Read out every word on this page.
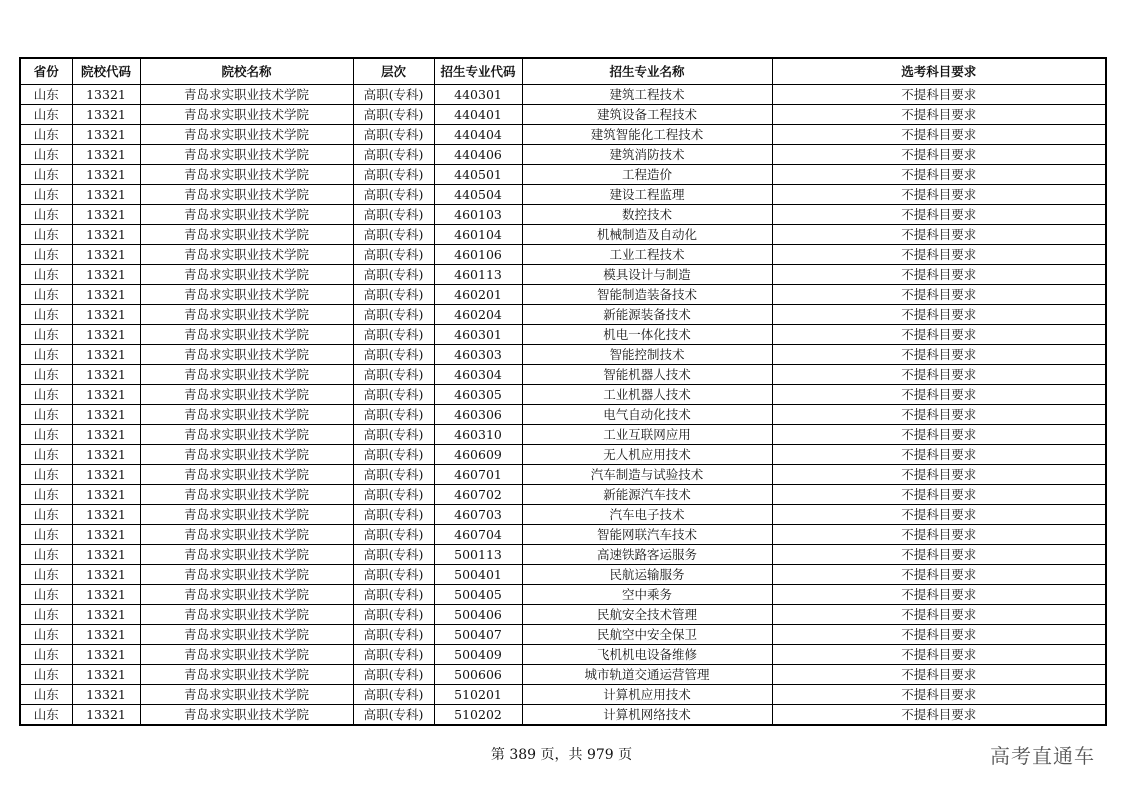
省份	院校代码	院校名称	层次	招生专业代码	招生专业名称	选考科目要求
山东	13321	青岛求实职业技术学院	高职(专科)	440301	建筑工程技术	不提科目要求
山东	13321	青岛求实职业技术学院	高职(专科)	440401	建筑设备工程技术	不提科目要求
山东	13321	青岛求实职业技术学院	高职(专科)	440404	建筑智能化工程技术	不提科目要求
山东	13321	青岛求实职业技术学院	高职(专科)	440406	建筑消防技术	不提科目要求
山东	13321	青岛求实职业技术学院	高职(专科)	440501	工程造价	不提科目要求
山东	13321	青岛求实职业技术学院	高职(专科)	440504	建设工程监理	不提科目要求
山东	13321	青岛求实职业技术学院	高职(专科)	460103	数控技术	不提科目要求
山东	13321	青岛求实职业技术学院	高职(专科)	460104	机械制造及自动化	不提科目要求
山东	13321	青岛求实职业技术学院	高职(专科)	460106	工业工程技术	不提科目要求
山东	13321	青岛求实职业技术学院	高职(专科)	460113	模具设计与制造	不提科目要求
山东	13321	青岛求实职业技术学院	高职(专科)	460201	智能制造装备技术	不提科目要求
山东	13321	青岛求实职业技术学院	高职(专科)	460204	新能源装备技术	不提科目要求
山东	13321	青岛求实职业技术学院	高职(专科)	460301	机电一体化技术	不提科目要求
山东	13321	青岛求实职业技术学院	高职(专科)	460303	智能控制技术	不提科目要求
山东	13321	青岛求实职业技术学院	高职(专科)	460304	智能机器人技术	不提科目要求
山东	13321	青岛求实职业技术学院	高职(专科)	460305	工业机器人技术	不提科目要求
山东	13321	青岛求实职业技术学院	高职(专科)	460306	电气自动化技术	不提科目要求
山东	13321	青岛求实职业技术学院	高职(专科)	460310	工业互联网应用	不提科目要求
山东	13321	青岛求实职业技术学院	高职(专科)	460609	无人机应用技术	不提科目要求
山东	13321	青岛求实职业技术学院	高职(专科)	460701	汽车制造与试验技术	不提科目要求
山东	13321	青岛求实职业技术学院	高职(专科)	460702	新能源汽车技术	不提科目要求
山东	13321	青岛求实职业技术学院	高职(专科)	460703	汽车电子技术	不提科目要求
山东	13321	青岛求实职业技术学院	高职(专科)	460704	智能网联汽车技术	不提科目要求
山东	13321	青岛求实职业技术学院	高职(专科)	500113	高速铁路客运服务	不提科目要求
山东	13321	青岛求实职业技术学院	高职(专科)	500401	民航运输服务	不提科目要求
山东	13321	青岛求实职业技术学院	高职(专科)	500405	空中乘务	不提科目要求
山东	13321	青岛求实职业技术学院	高职(专科)	500406	民航安全技术管理	不提科目要求
山东	13321	青岛求实职业技术学院	高职(专科)	500407	民航空中安全保卫	不提科目要求
山东	13321	青岛求实职业技术学院	高职(专科)	500409	飞机机电设备维修	不提科目要求
山东	13321	青岛求实职业技术学院	高职(专科)	500606	城市轨道交通运营管理	不提科目要求
山东	13321	青岛求实职业技术学院	高职(专科)	510201	计算机应用技术	不提科目要求
山东	13321	青岛求实职业技术学院	高职(专科)	510202	计算机网络技术	不提科目要求
第 389 页，共 979 页	高考直通车
